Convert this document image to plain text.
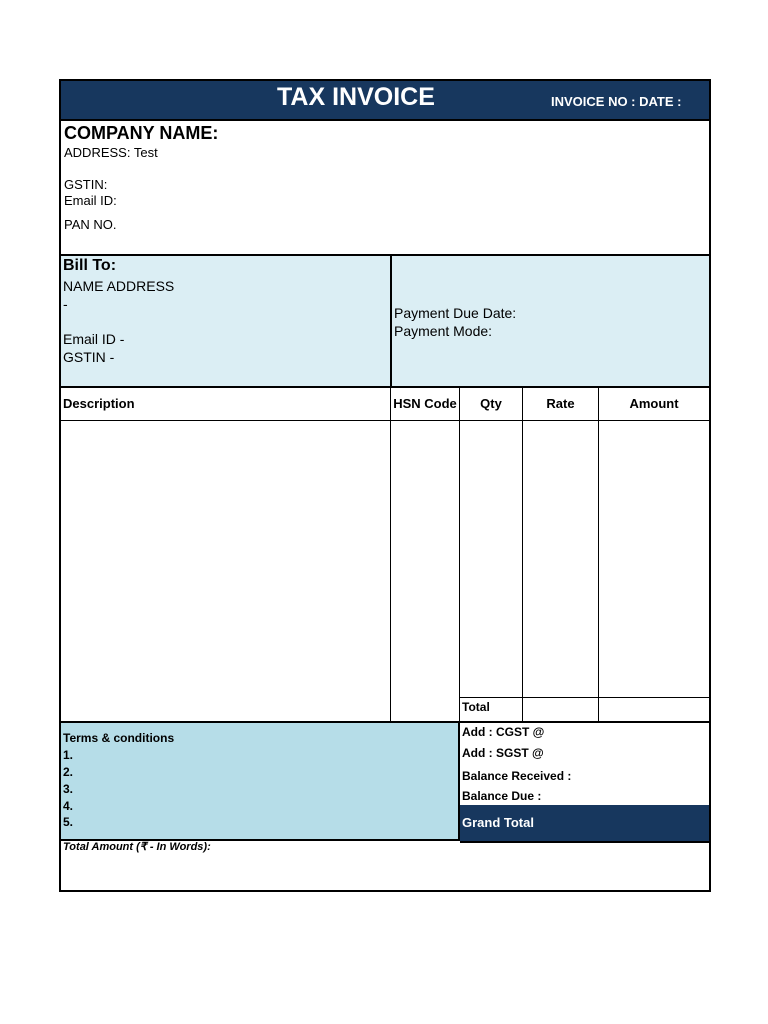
TAX INVOICE	INVOICE NO : DATE :
COMPANY NAME:
ADDRESS: Test
GSTIN:
Email ID:
PAN NO.
Bill To:
NAME ADDRESS
-
Email ID -
GSTIN -
Payment Due Date:
Payment Mode:
Description	HSN Code	Qty	Rate	Amount
Total
Terms & conditions
1.
2.
3.
4.
5.
Add : CGST @
Add : SGST @
Balance Received :
Balance Due :
Grand Total
Total Amount (₹ - In Words):
